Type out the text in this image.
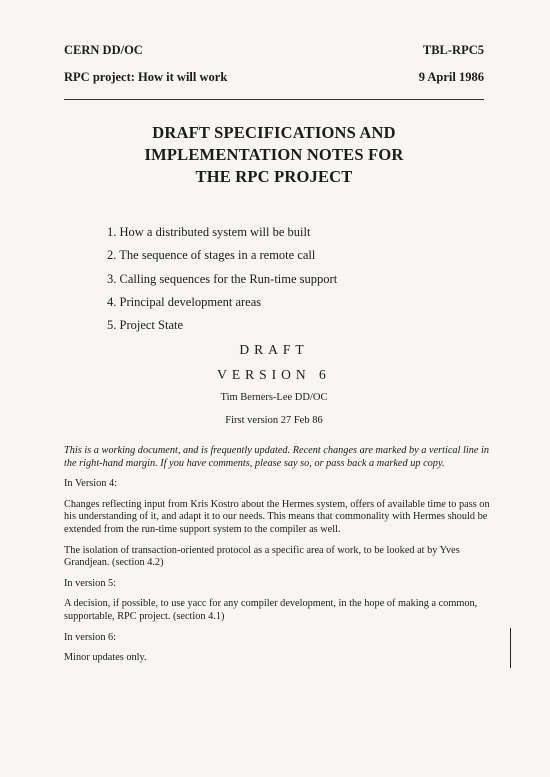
CERN DD/OC	TBL-RPC5
RPC project: How it will work	9 April 1986
DRAFT SPECIFICATIONS AND
IMPLEMENTATION NOTES FOR
THE RPC PROJECT
1. How a distributed system will be built
2. The sequence of stages in a remote call
3. Calling sequences for the Run-time support
4. Principal development areas
5. Project State
DRAFT
VERSION 6
Tim Berners-Lee DD/OC
First version 27 Feb 86

This is a working document, and is frequently updated. Recent changes are marked by a vertical line in the right-hand margin. If you have comments, please say so, or pass back a marked up copy.

In Version 4:

Changes reflecting input from Kris Kostro about the Hermes system, offers of available time to pass on his understanding of it, and adapt it to our needs. This means that commonality with Hermes should be extended from the run-time support system to the compiler as well.

The isolation of transaction-oriented protocol as a specific area of work, to be looked at by Yves Grandjean. (section 4.2)

In version 5:

A decision, if possible, to use yacc for any compiler development, in the hope of making a common, supportable, RPC project. (section 4.1)

In version 6:

Minor updates only.
